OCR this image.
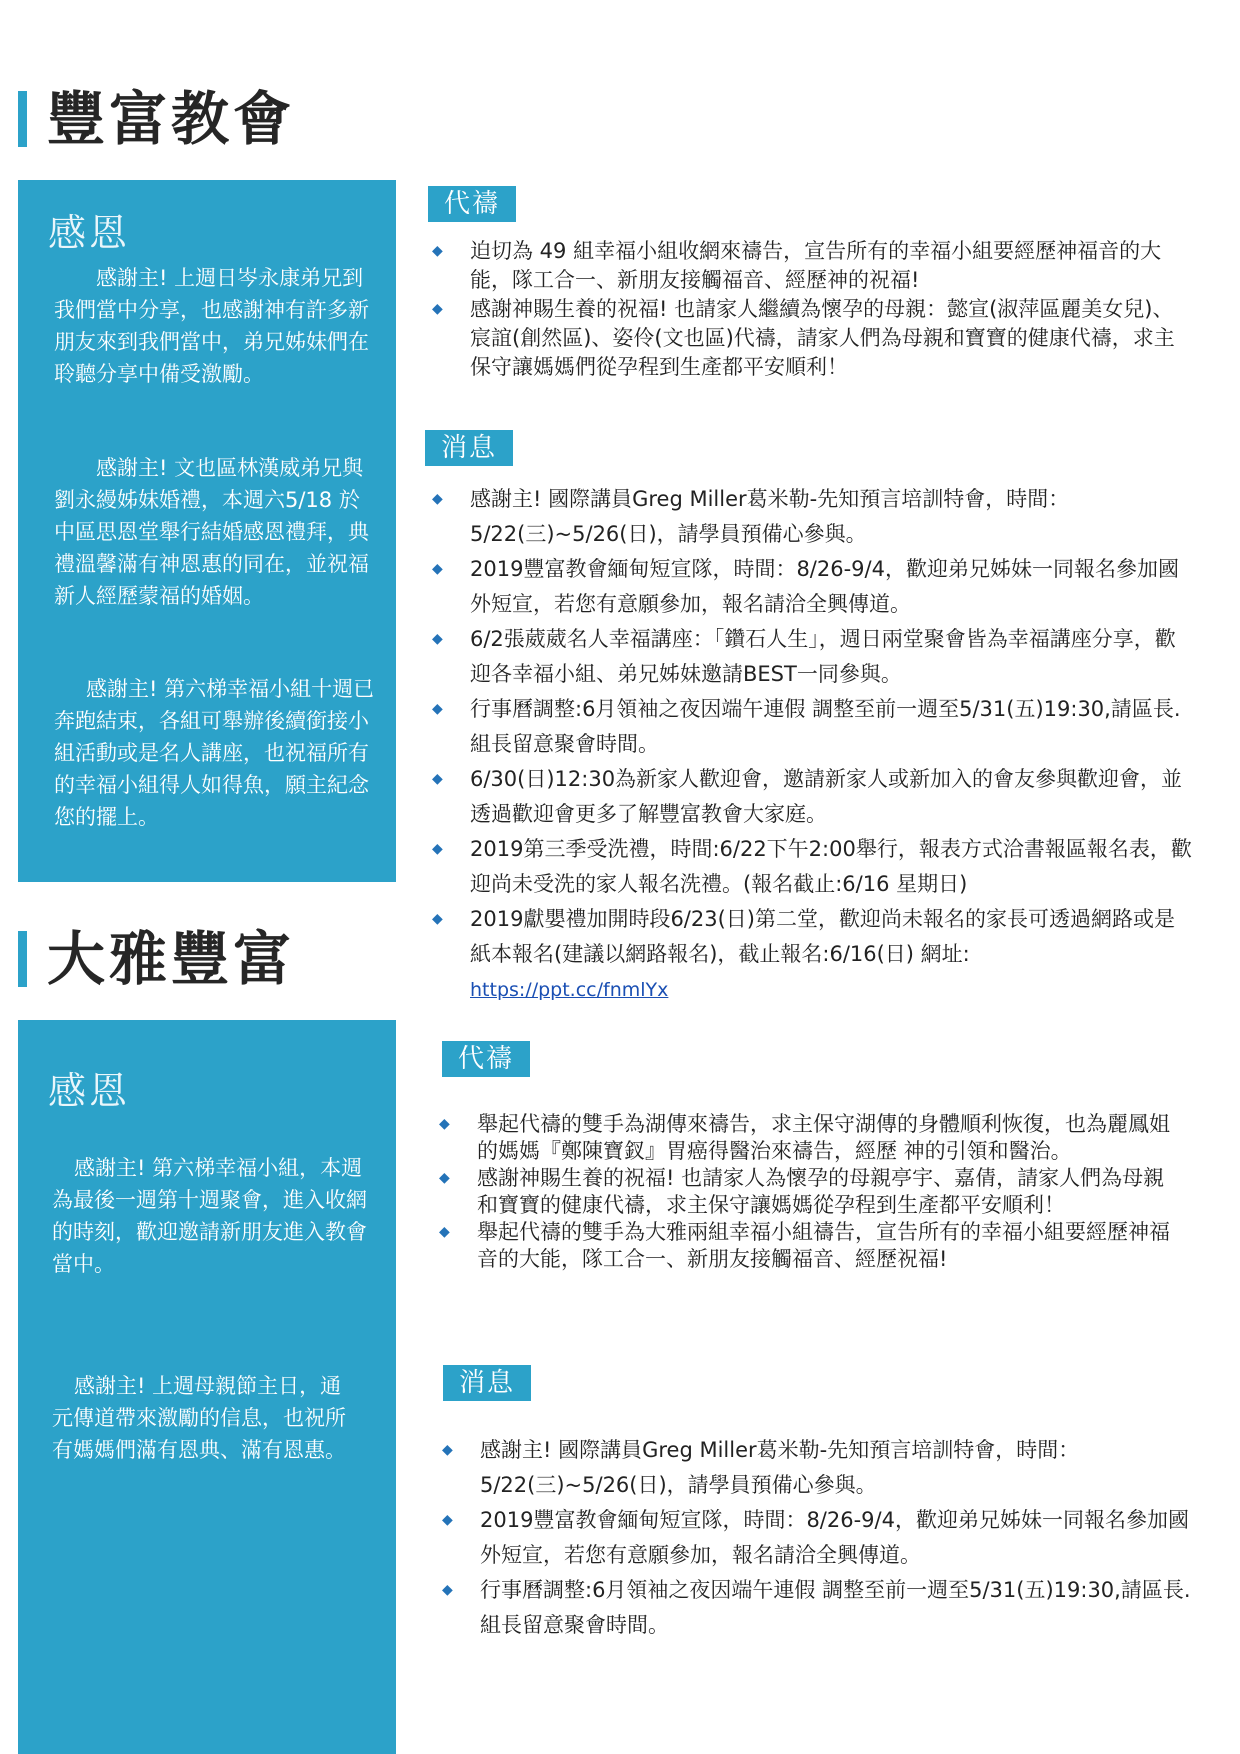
豐富教會
感恩
感謝主! 上週日岑永康弟兄到我們當中分享，也感謝神有許多新朋友來到我們當中，弟兄姊妹們在聆聽分享中備受激勵。
感謝主! 文也區林漢威弟兄與劉永縵姊妹婚禮，本週六5/18 於中區思恩堂舉行結婚感恩禮拜，典禮溫馨滿有神恩惠的同在，並祝福新人經歷蒙福的婚姻。
感謝主! 第六梯幸福小組十週已奔跑結束，各組可舉辦後續銜接小組活動或是名人講座，也祝福所有的幸福小組得人如得魚，願主紀念您的擺上。
代禱
◆ 迫切為 49 組幸福小組收網來禱告，宣告所有的幸福小組要經歷神福音的大能，隊工合一、新朋友接觸福音、經歷神的祝福!
◆ 感謝神賜生養的祝福! 也請家人繼續為懷孕的母親：懿宣(淑萍區麗美女兒)、宸誼(創然區)、姿伶(文也區)代禱，請家人們為母親和寶寶的健康代禱，求主保守讓媽媽們從孕程到生產都平安順利！
消息
◆ 感謝主! 國際講員Greg Miller葛米勒-先知預言培訓特會，時間：5/22(三)~5/26(日)，請學員預備心參與。
◆ 2019豐富教會緬甸短宣隊，時間：8/26-9/4，歡迎弟兄姊妹一同報名參加國外短宣，若您有意願參加，報名請洽全興傳道。
◆ 6/2張葳葳名人幸福講座：「鑽石人生」，週日兩堂聚會皆為幸福講座分享，歡迎各幸福小組、弟兄姊妹邀請BEST一同參與。
◆ 行事曆調整:6月領袖之夜因端午連假 調整至前一週至5/31(五)19:30,請區長.組長留意聚會時間。
◆ 6/30(日)12:30為新家人歡迎會，邀請新家人或新加入的會友參與歡迎會，並透過歡迎會更多了解豐富教會大家庭。
◆ 2019第三季受洗禮，時間:6/22下午2:00舉行，報表方式洽書報區報名表，歡迎尚未受洗的家人報名洗禮。(報名截止:6/16 星期日)
◆ 2019獻嬰禮加開時段6/23(日)第二堂，歡迎尚未報名的家長可透過網路或是紙本報名(建議以網路報名)，截止報名:6/16(日) 網址:
https://ppt.cc/fnmlYx
大雅豐富
感恩
感謝主! 第六梯幸福小組，本週為最後一週第十週聚會，進入收網的時刻，歡迎邀請新朋友進入教會當中。
感謝主! 上週母親節主日，通元傳道帶來激勵的信息，也祝所有媽媽們滿有恩典、滿有恩惠。
代禱
◆ 舉起代禱的雙手為湖傳來禱告，求主保守湖傳的身體順利恢復，也為麗鳳姐的媽媽『鄭陳寶釵』胃癌得醫治來禱告，經歷 神的引領和醫治。
◆ 感謝神賜生養的祝福! 也請家人為懷孕的母親亭宇、嘉倩，請家人們為母親和寶寶的健康代禱，求主保守讓媽媽從孕程到生產都平安順利！
◆ 舉起代禱的雙手為大雅兩組幸福小組禱告，宣告所有的幸福小組要經歷神福音的大能，隊工合一、新朋友接觸福音、經歷祝福!
消息
◆ 感謝主! 國際講員Greg Miller葛米勒-先知預言培訓特會，時間：5/22(三)~5/26(日)，請學員預備心參與。
◆ 2019豐富教會緬甸短宣隊，時間：8/26-9/4，歡迎弟兄姊妹一同報名參加國外短宣，若您有意願參加，報名請洽全興傳道。
◆ 行事曆調整:6月領袖之夜因端午連假 調整至前一週至5/31(五)19:30,請區長.組長留意聚會時間。
